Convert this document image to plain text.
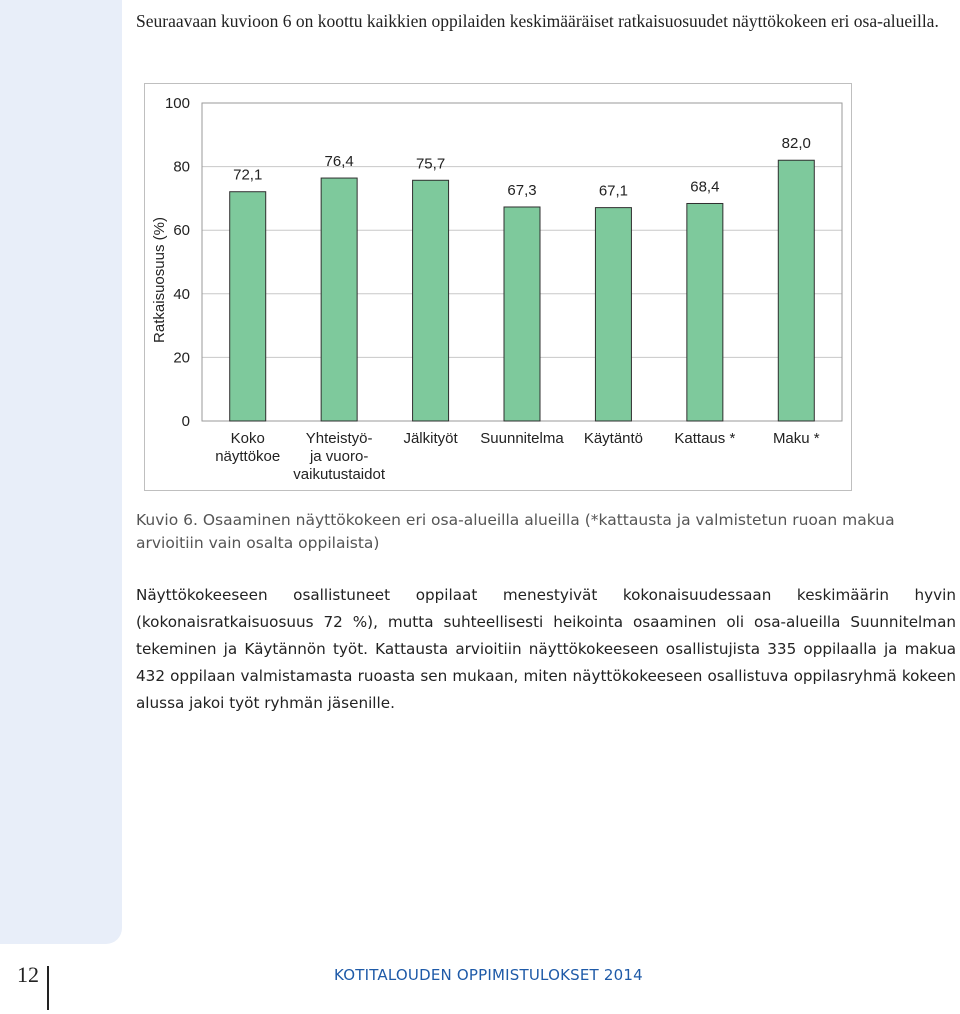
Seuraavaan kuvioon 6 on koottu kaikkien oppilaiden keskimääräiset ratkaisuosuudet näyttökokeen eri osa-alueilla.

0
20
40
60
80
100
Ratkaisuosuus (%)
72,1
76,4	75,7
67,3	67,1	68,4
82,0
Koko
näyttökoe
Yhteistyö-
ja vuoro-
vaikutustaidot
Jälkityöt Suunnitelma Käytäntö Kattaus *	Maku *

Kuvio 6. Osaaminen näyttökokeen eri osa-alueilla alueilla (*kattausta ja valmistetun ruoan makua arvioitiin vain osalta oppilaista)

Näyttökokeeseen osallistuneet oppilaat menestyivät kokonaisuudessaan keskimäärin hyvin (kokonaisratkaisuosuus 72 %), mutta suhteellisesti heikointa osaaminen oli osa-alueilla Suunnitelman tekeminen ja Käytännön työt. Kattausta arvioitiin näyttökokeeseen osallistujista 335 oppilaalla ja makua 432 oppilaan valmistamasta ruoasta sen mukaan, miten näyttökokeeseen osallistuva oppilasryhmä kokeen alussa jakoi työt ryhmän jäsenille.

12	KOTITALOUDEN OPPIMISTULOKSET 2014
